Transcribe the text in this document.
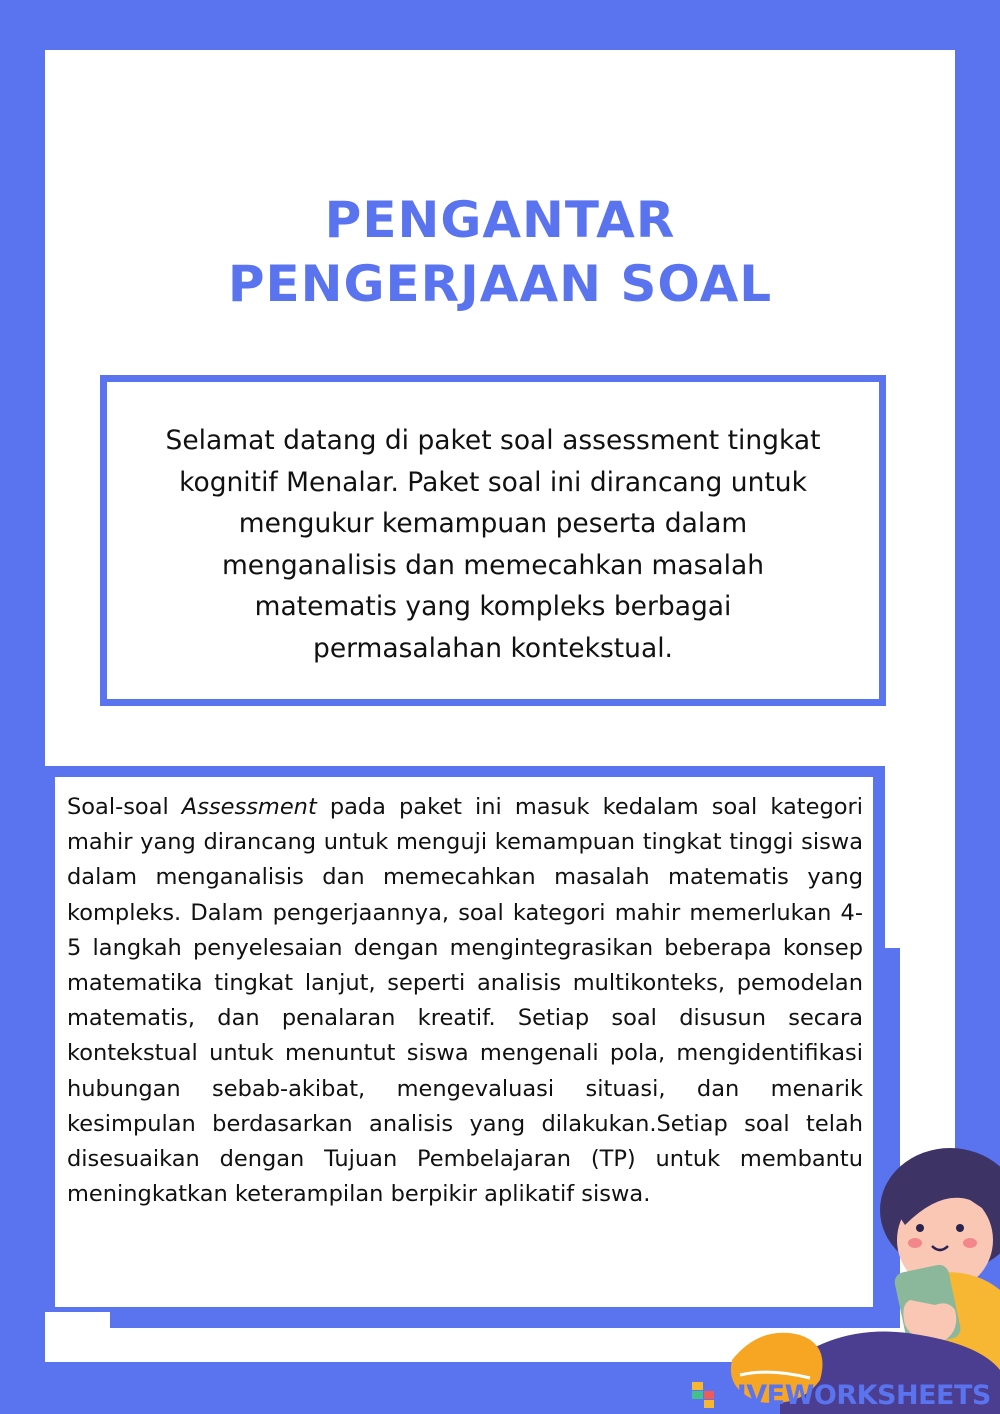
PENGANTAR
PENGERJAAN SOAL
Selamat datang di paket soal assessment tingkat
kognitif Menalar. Paket soal ini dirancang untuk
mengukur kemampuan peserta dalam
menganalisis dan memecahkan masalah
matematis yang kompleks berbagai
permasalahan kontekstual.
Soal-soal Assessment pada paket ini masuk kedalam soal kategori mahir yang dirancang untuk menguji kemampuan tingkat tinggi siswa dalam menganalisis dan memecahkan masalah matematis yang kompleks. Dalam pengerjaannya, soal kategori mahir memerlukan 4-5 langkah penyelesaian dengan mengintegrasikan beberapa konsep matematika tingkat lanjut, seperti analisis multikonteks, pemodelan matematis, dan penalaran kreatif. Setiap soal disusun secara kontekstual untuk menuntut siswa mengenali pola, mengidentifikasi hubungan sebab-akibat, mengevaluasi situasi, dan menarik kesimpulan berdasarkan analisis yang dilakukan.Setiap soal telah disesuaikan dengan Tujuan Pembelajaran (TP) untuk membantu meningkatkan keterampilan berpikir aplikatif siswa.
LIVEWORKSHEETS
